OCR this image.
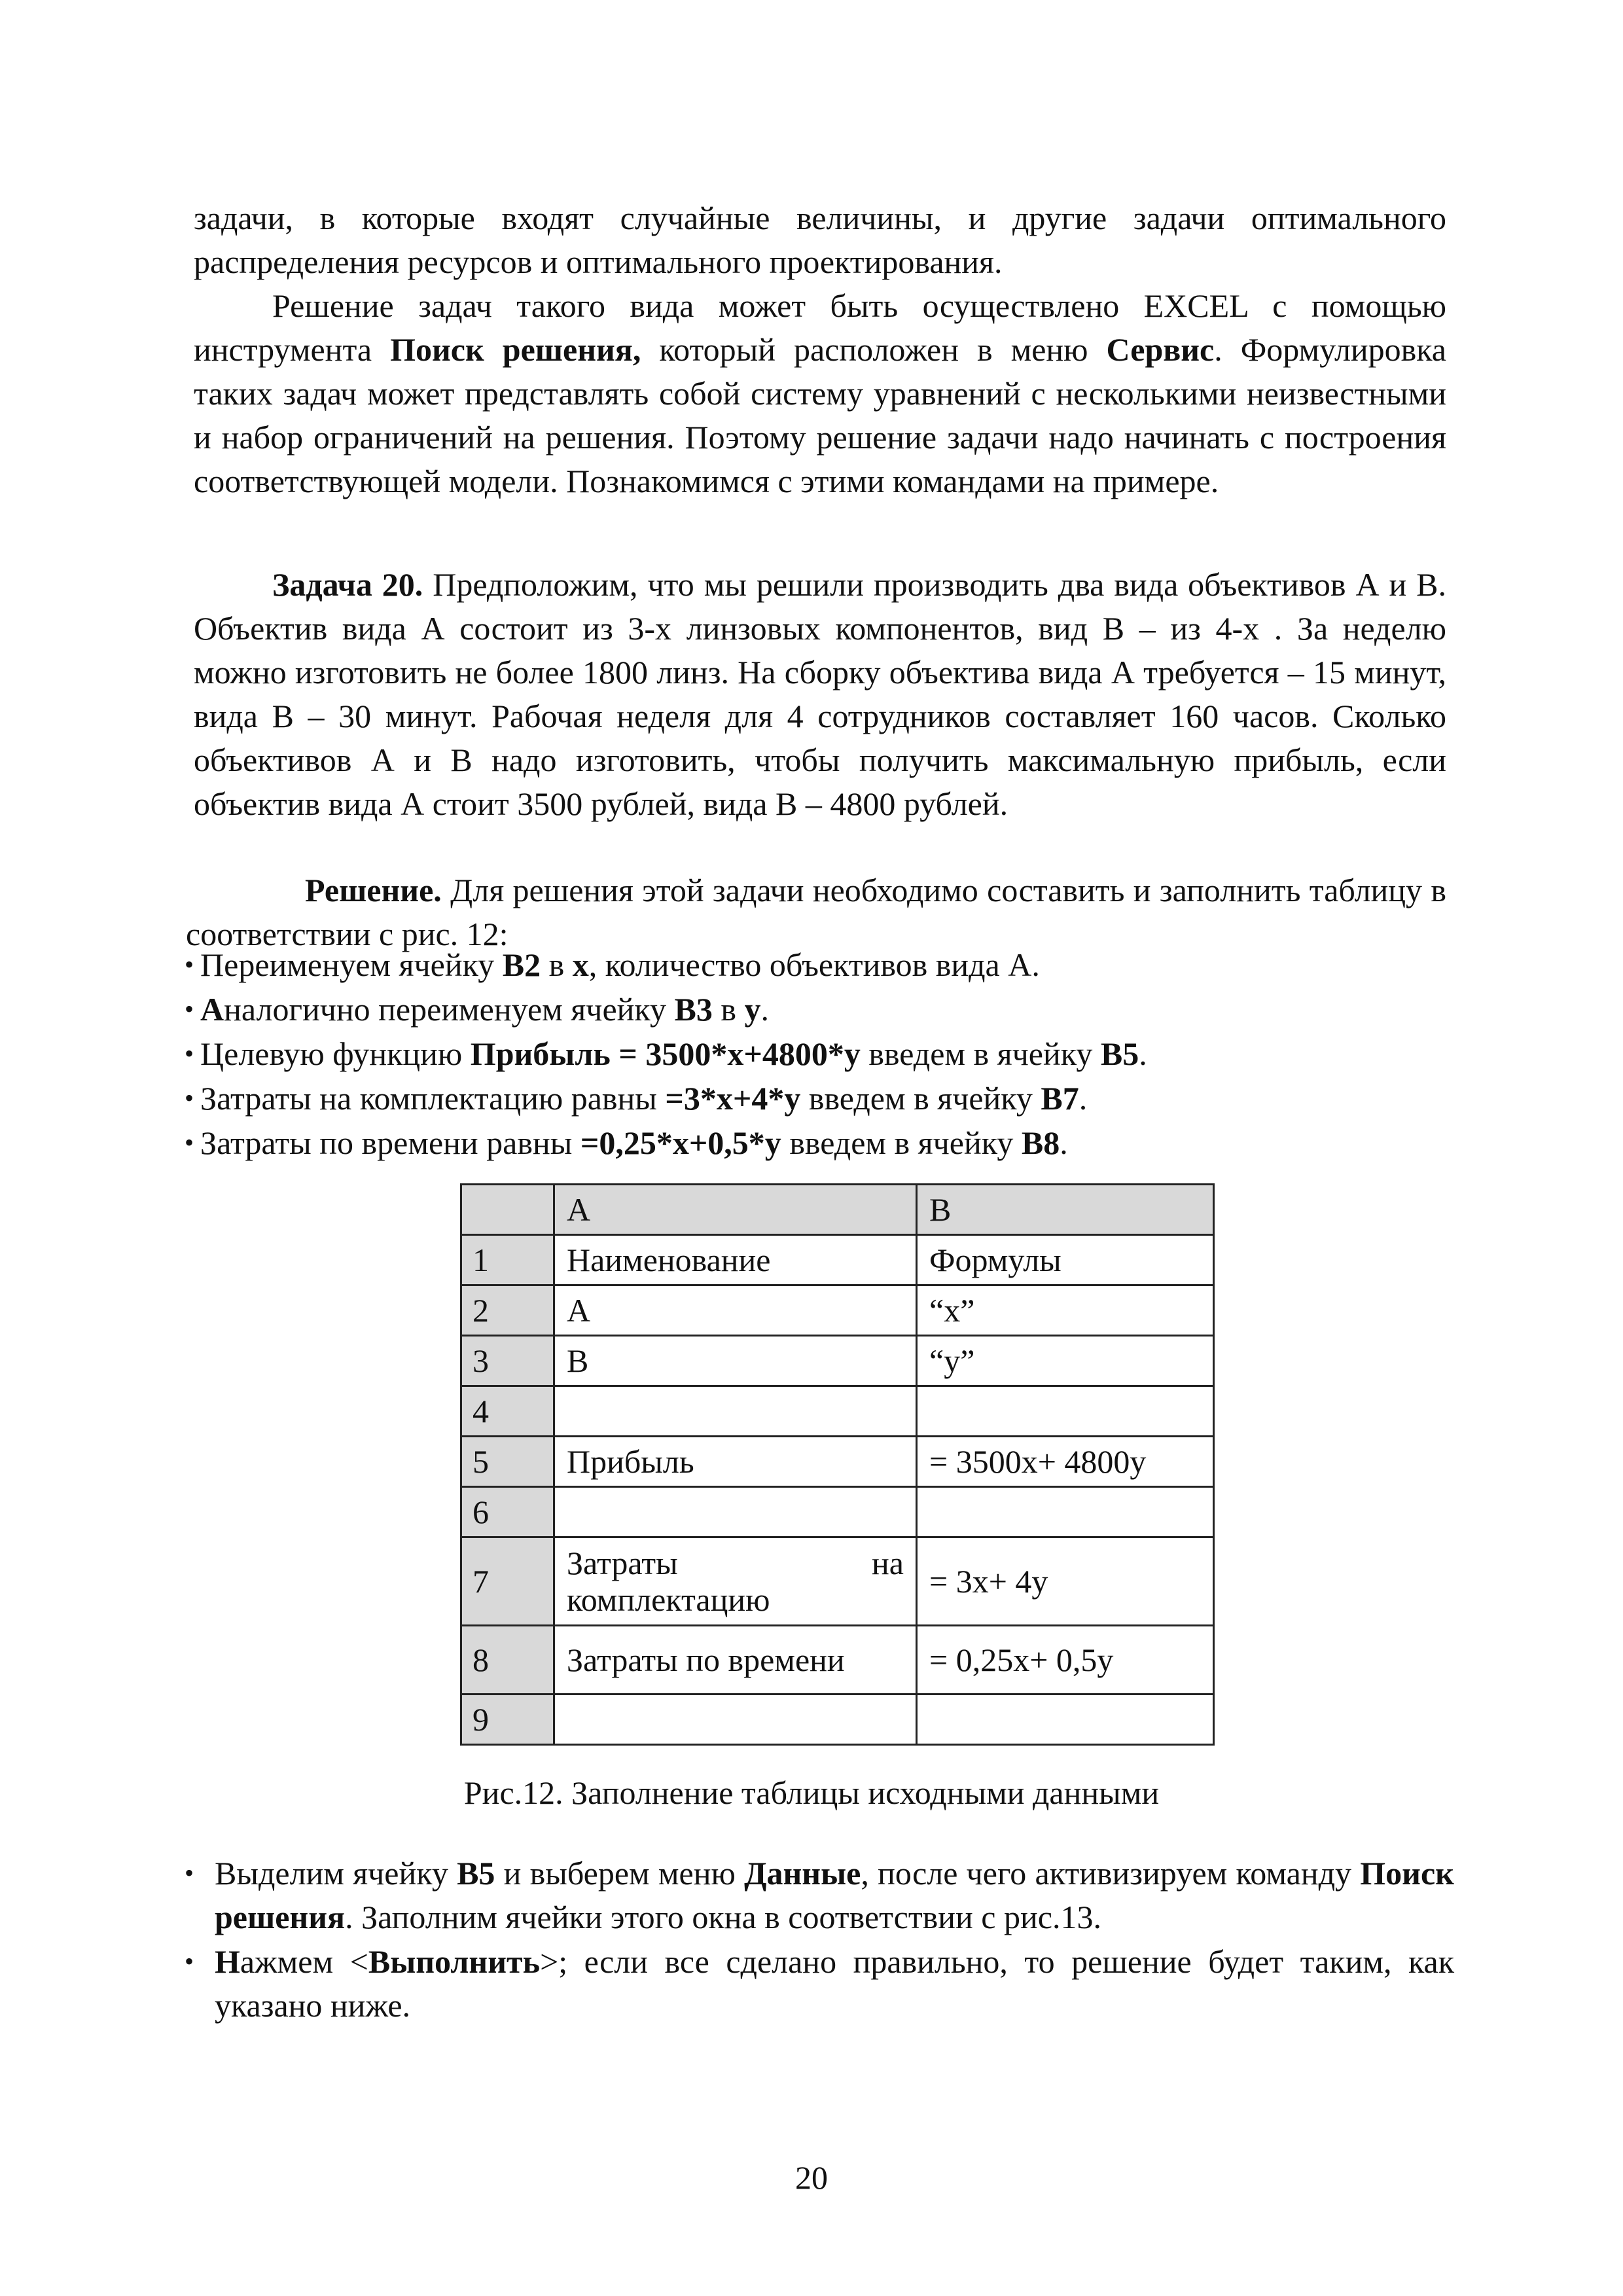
задачи, в которые входят случайные величины, и другие задачи оптимального распределения ресурсов и оптимального проектирования.

Решение задач такого вида может быть осуществлено EXCEL с помощью инструмента Поиск решения, который расположен в меню Сервис. Формулировка таких задач может представлять собой систему уравнений с несколькими неизвестными и набор ограничений на решения. Поэтому решение задачи надо начинать с построения соответствующей модели. Познакомимся с этими командами на примере.

Задача 20. Предположим, что мы решили производить два вида объективов А и В. Объектив вида А состоит из 3-х линзовых компонентов, вид В – из 4-х . За неделю можно изготовить не более 1800 линз. На сборку объектива вида А требуется – 15 минут, вида В – 30 минут. Рабочая неделя для 4 сотрудников составляет 160 часов. Сколько объективов А и В надо изготовить, чтобы получить максимальную прибыль, если объектив вида А стоит 3500 рублей, вида В – 4800 рублей.

Решение. Для решения этой задачи необходимо составить и заполнить таблицу в соответствии с рис. 12:

• Переименуем ячейку B2 в x, количество объективов вида А.
• Аналогично переименуем ячейку B3 в y.
• Целевую функцию Прибыль = 3500*x+4800*y введем в ячейку B5.
• Затраты на комплектацию равны =3*x+4*y введем в ячейку B7.
• Затраты по времени равны =0,25*x+0,5*y введем в ячейку B8.
	A	B
1	Наименование	Формулы
2	A	“x”
3	B	“y”
4		
5	Прибыль	= 3500x+ 4800y
6		
7	Затраты на
комплектацию	= 3x+ 4y
8	Затраты по времени	= 0,25x+ 0,5y
9		
Рис.12. Заполнение таблицы исходными данными
• Выделим ячейку B5 и выберем меню Данные, после чего активизируем команду Поиск решения. Заполним ячейки этого окна в соответствии с рис.13.
• Нажмем <Выполнить>; если все сделано правильно, то решение будет таким, как указано ниже.
20
